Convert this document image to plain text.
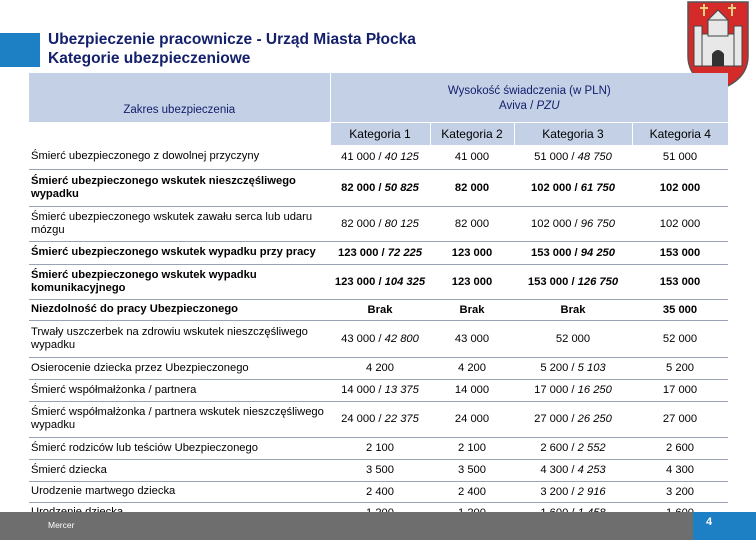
Ubezpieczenie pracownicze - Urząd Miasta Płocka
Kategorie ubezpieczeniowe
Zakres ubezpieczenia	Wysokość świadczenia (w PLN)
Aviva / PZU			

	Kategoria 1	Kategoria 2	Kategoria 3	Kategoria 4
Śmierć ubezpieczonego z dowolnej przyczyny	41 000 / 40 125	41 000	51 000 / 48 750	51 000
Śmierć ubezpieczonego wskutek nieszczęśliwego wypadku	82 000 / 50 825	82 000	102 000 / 61 750	102 000
Śmierć ubezpieczonego wskutek zawału serca lub udaru mózgu	82 000 / 80 125	82 000	102 000 / 96 750	102 000
Śmierć ubezpieczonego wskutek wypadku przy pracy	123 000 / 72 225	123 000	153 000 / 94 250	153 000
Śmierć ubezpieczonego wskutek wypadku komunikacyjnego	123 000 / 104 325	123 000	153 000 / 126 750	153 000
Niezdolność do pracy Ubezpieczonego	Brak	Brak	Brak	35 000
Trwały uszczerbek na zdrowiu wskutek nieszczęśliwego wypadku	43 000 / 42 800	43 000	52 000	52 000
Osierocenie dziecka przez Ubezpieczonego	4 200	4 200	5 200 / 5 103	5 200
Śmierć współmałżonka / partnera	14 000 / 13 375	14 000	17 000 / 16 250	17 000
Śmierć współmałżonka / partnera wskutek nieszczęśliwego wypadku	24 000 / 22 375	24 000	27 000 / 26 250	27 000
Śmierć rodziców lub teściów Ubezpieczonego	2 100	2 100	2 600 / 2 552	2 600
Śmierć dziecka	3 500	3 500	4 300 / 4 253	4 300
Urodzenie martwego dziecka	2 400	2 400	3 200 / 2 916	3 200

Mercer	4
